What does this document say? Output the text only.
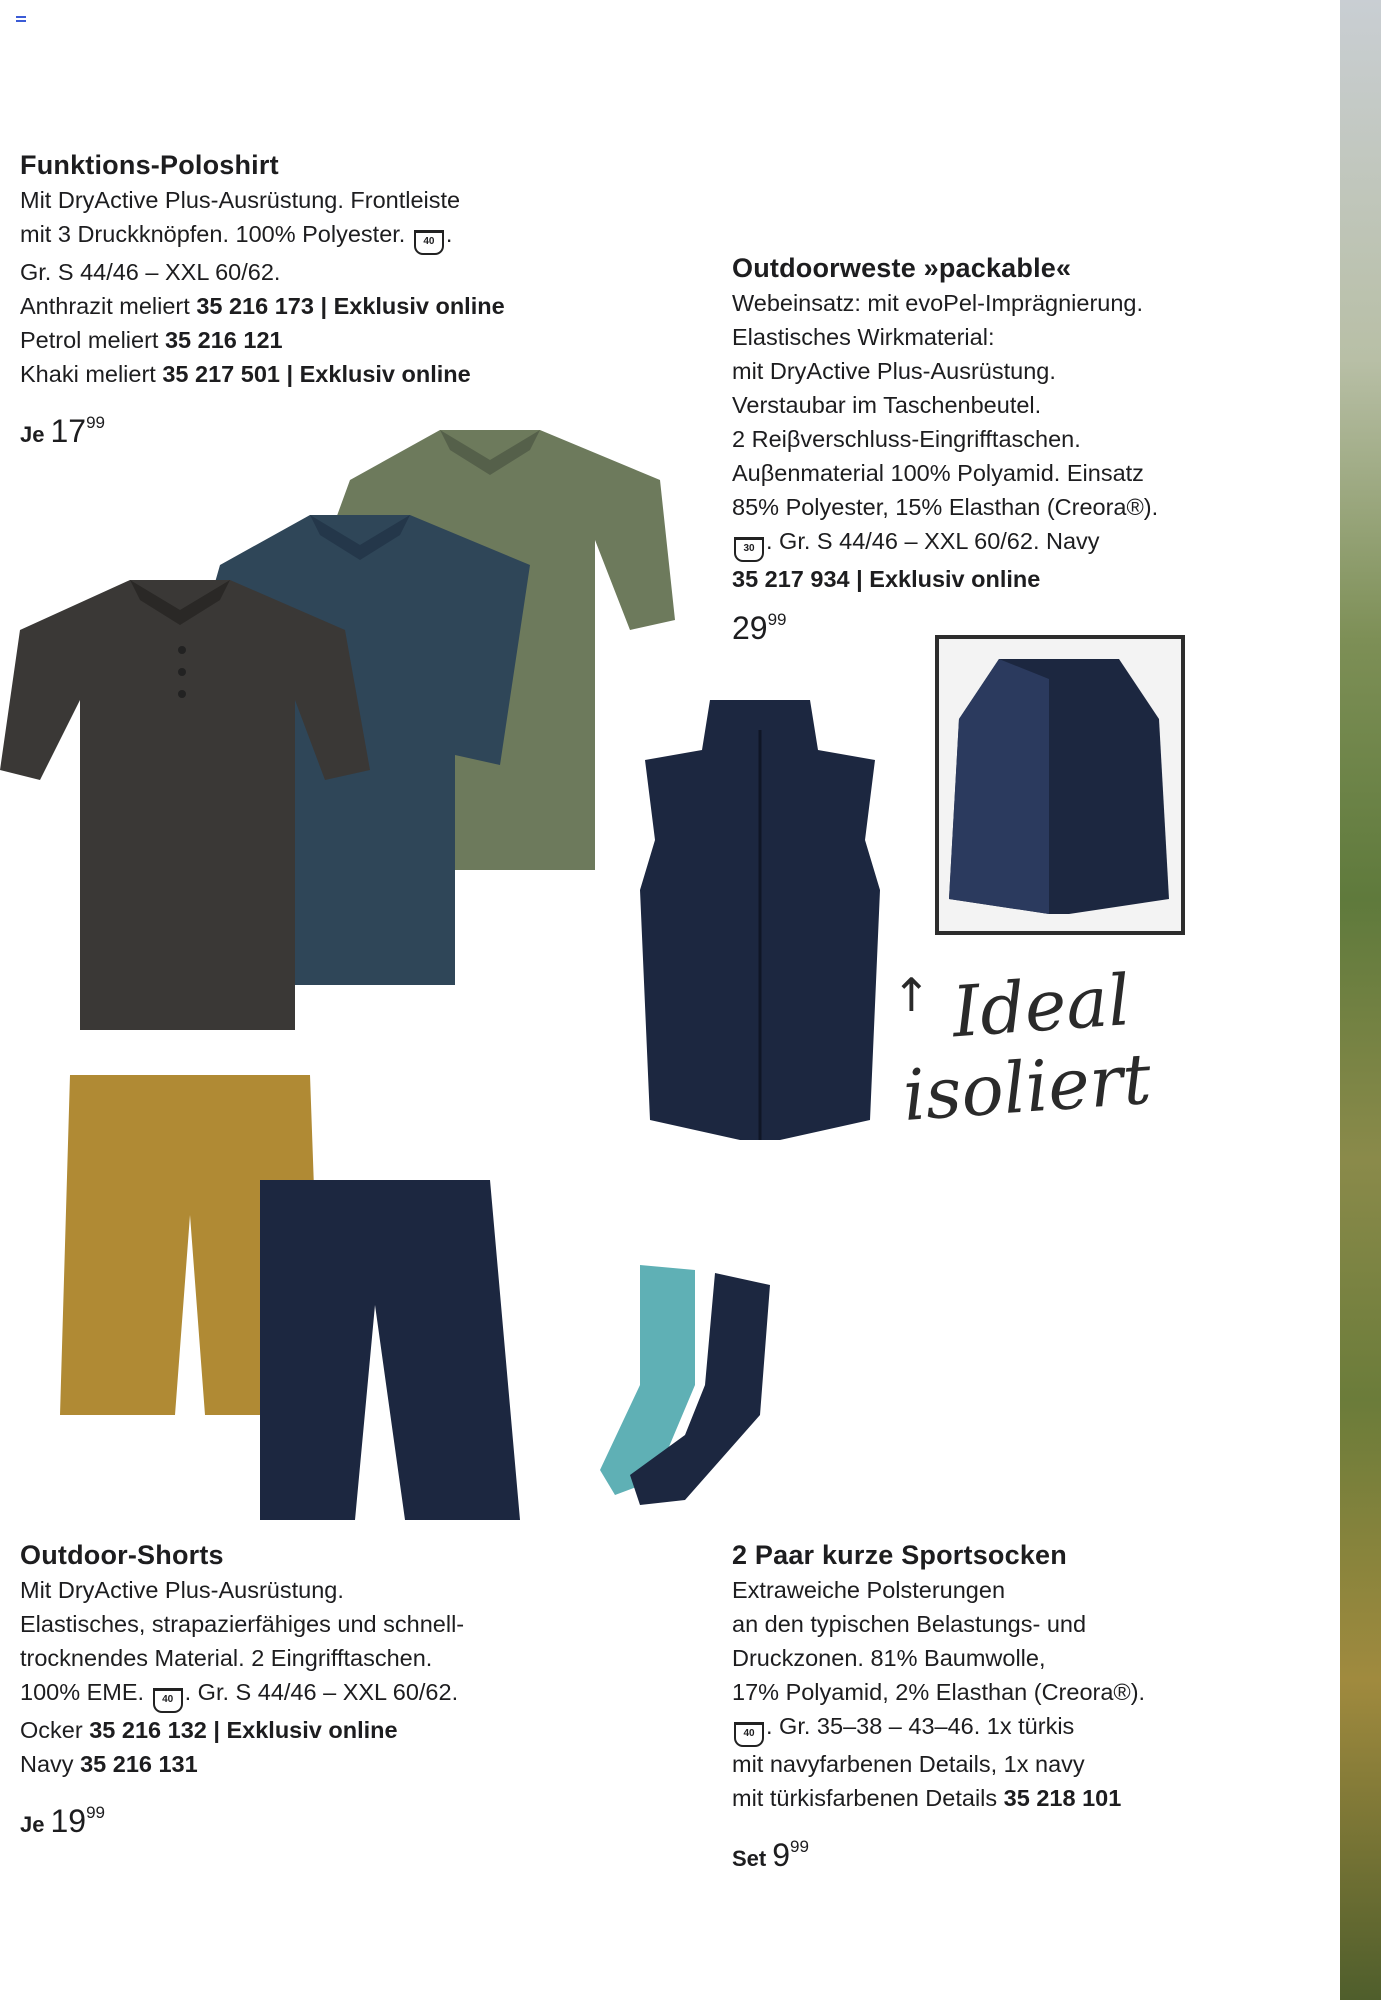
Funktions-Poloshirt

Mit DryActive Plus-Ausrüstung. Frontleiste

mit 3 Druckknöpfen. 100% Polyester. 40 .

Gr. S 44/46 – XXL 60/62.

Anthrazit meliert 35 216 173 | Exklusiv online

Petrol meliert 35 216 121

Khaki meliert 35 217 501 | Exklusiv online

Je $17^{99}$
Outdoorweste »packable«

Webeinsatz: mit evoPel-Imprägnierung.

Elastisches Wirkmaterial:

mit DryActive Plus-Ausrüstung.

Verstaubar im Taschenbeutel.

2 Reiβverschluss-Eingrifftaschen.

Auβenmaterial 100% Polyamid. Einsatz

85% Polyester, 15% Elasthan (Creora®).

30 . Gr. S 44/46 – XXL 60/62. Navy

35 217 934 | Exklusiv online

$29^{99}$
Ideal
isoliert
↑
Outdoor-Shorts

Mit DryActive Plus-Ausrüstung.

Elastisches, strapazierfähiges und schnell-

trocknendes Material. 2 Eingrifftaschen.

100% EME. 40 . Gr. S 44/46 – XXL 60/62.

Ocker 35 216 132 | Exklusiv online

Navy 35 216 131

Je $19^{99}$
2 Paar kurze Sportsocken

Extraweiche Polsterungen

an den typischen Belastungs- und

Druckzonen. 81% Baumwolle,

17% Polyamid, 2% Elasthan (Creora®).

40 . Gr. 35–38 – 43–46. 1x türkis

mit navyfarbenen Details, 1x navy

mit türkisfarbenen Details 35 218 101

Set $9^{99}$
